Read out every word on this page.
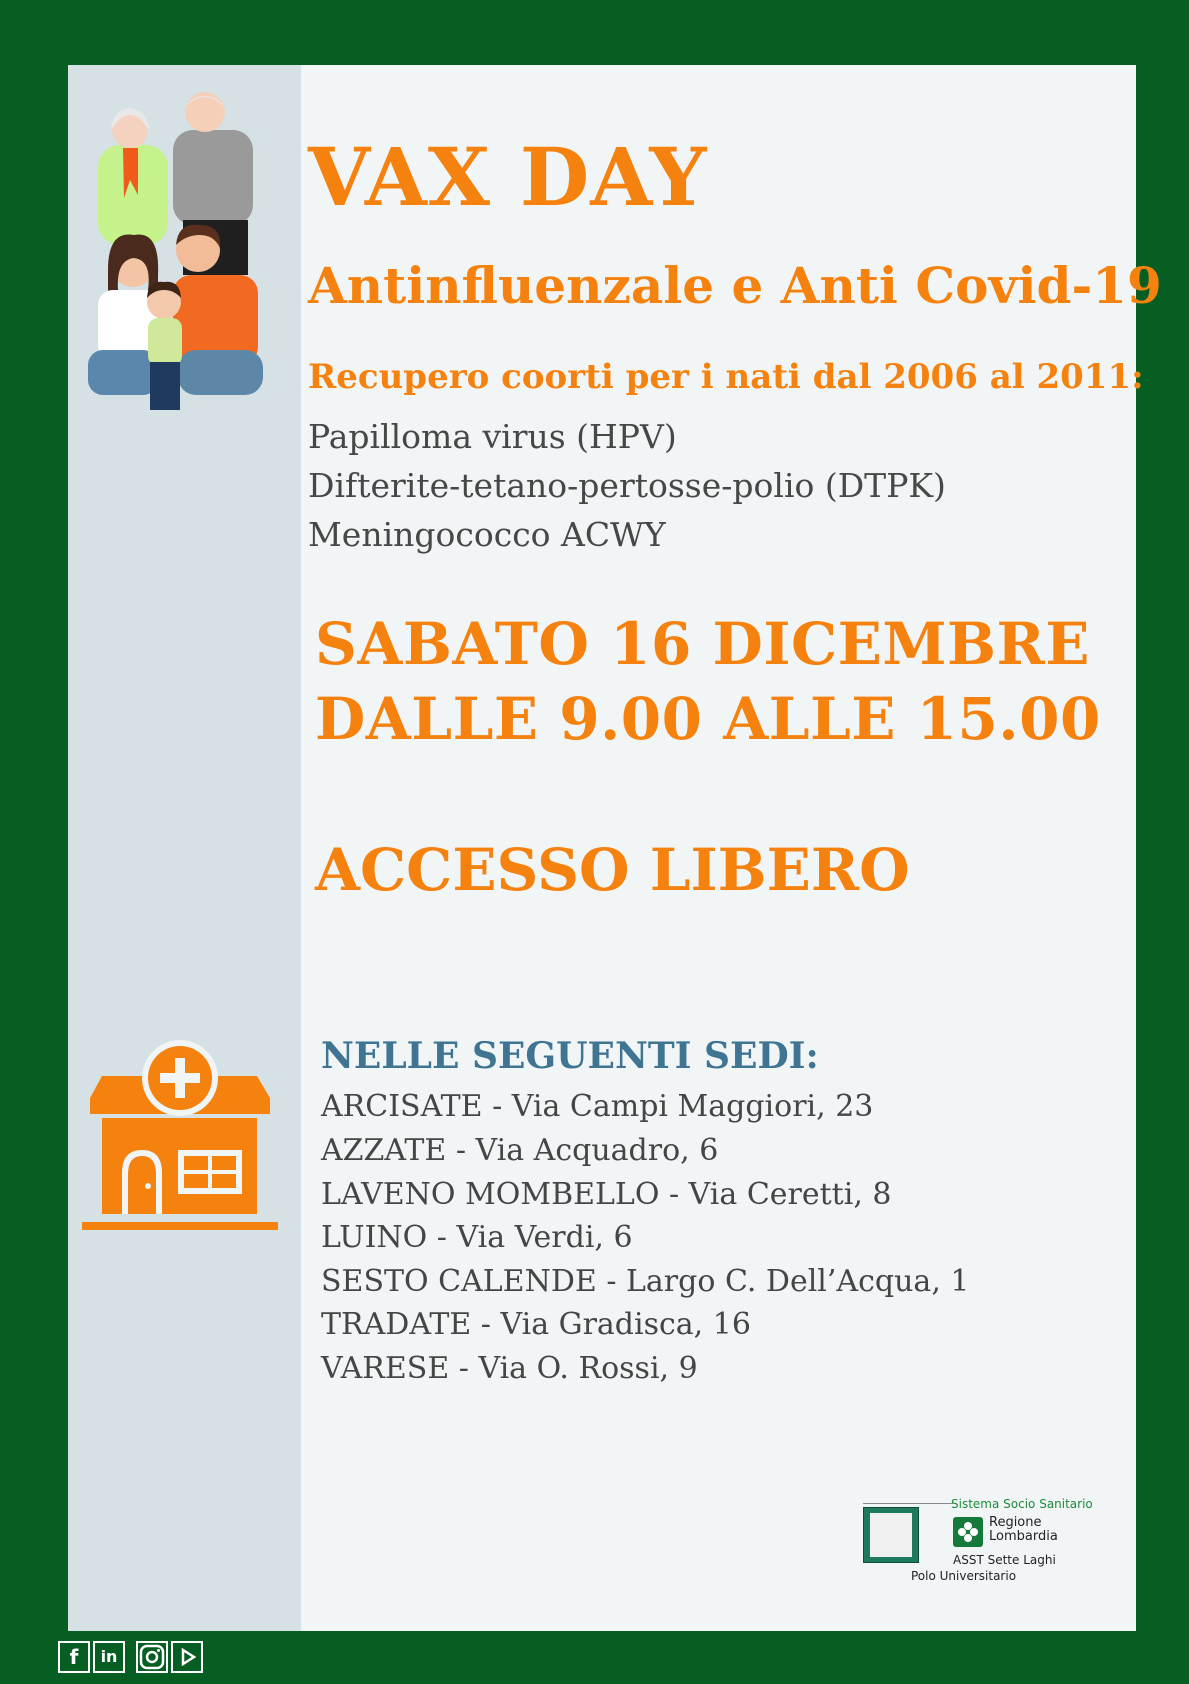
VAX DAY
Antinfluenzale e Anti Covid-19
Recupero coorti per i nati dal 2006 al 2011:
Papilloma virus (HPV)
Difterite-tetano-pertosse-polio (DTPK)
Meningococco ACWY
SABATO 16 DICEMBRE
DALLE 9.00 ALLE 15.00
ACCESSO LIBERO
NELLE SEGUENTI SEDI:
ARCISATE - Via Campi Maggiori, 23
AZZATE - Via Acquadro, 6
LAVENO MOMBELLO - Via Ceretti, 8
LUINO - Via Verdi, 6
SESTO CALENDE - Largo C. Dell’Acqua, 1
TRADATE - Via Gradisca, 16
VARESE - Via O. Rossi, 9
Sistema Socio Sanitario
Regione
Lombardia
ASST Sette Laghi
Polo Universitario
f	in
